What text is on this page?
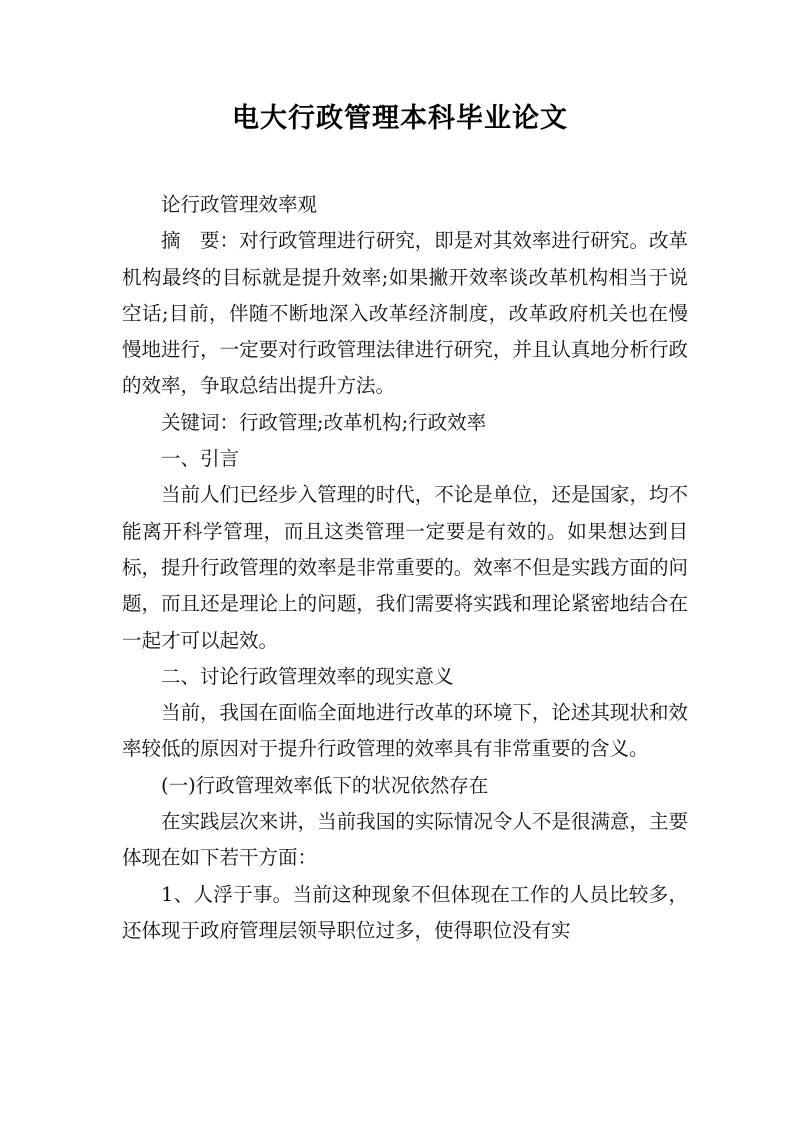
电大行政管理本科毕业论文

论行政管理效率观

摘　要：对行政管理进行研究，即是对其效率进行研究。改革机构最终的目标就是提升效率;如果撇开效率谈改革机构相当于说空话;目前，伴随不断地深入改革经济制度，改革政府机关也在慢慢地进行，一定要对行政管理法律进行研究，并且认真地分析行政的效率，争取总结出提升方法。

关键词：行政管理;改革机构;行政效率

一、引言

当前人们已经步入管理的时代，不论是单位，还是国家，均不能离开科学管理，而且这类管理一定要是有效的。如果想达到目标，提升行政管理的效率是非常重要的。效率不但是实践方面的问题，而且还是理论上的问题，我们需要将实践和理论紧密地结合在一起才可以起效。

二、讨论行政管理效率的现实意义

当前，我国在面临全面地进行改革的环境下，论述其现状和效率较低的原因对于提升行政管理的效率具有非常重要的含义。

(一)行政管理效率低下的状况依然存在

在实践层次来讲，当前我国的实际情况令人不是很满意，主要体现在如下若干方面：

1、人浮于事。当前这种现象不但体现在工作的人员比较多，还体现于政府管理层领导职位过多，使得职位没有实
